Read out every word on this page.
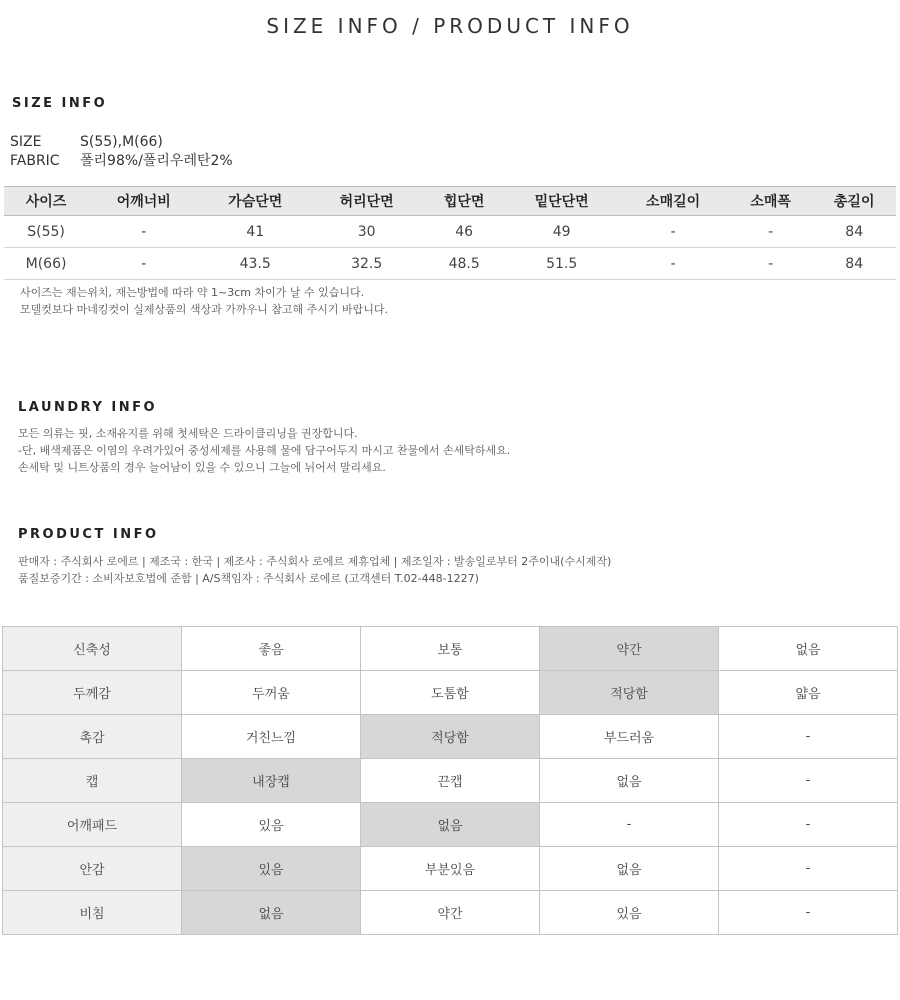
SIZE INFO / PRODUCT INFO
SIZE INFO
SIZE	S(55),M(66)
FABRIC 폴리98%/폴리우레탄2%
사이즈	어깨너비	가슴단면	허리단면	힙단면	밑단단면	소매길이	소매폭	총길이
S(55)	-	41	30	46	49	-	-	84
M(66)	-	43.5	32.5	48.5	51.5	-	-	84
사이즈는 재는위치, 재는방법에 따라 약 1~3cm 차이가 날 수 있습니다.
모델컷보다 마네킹컷이 실제상품의 색상과 가까우니 참고해 주시기 바랍니다.
LAUNDRY INFO
모든 의류는 핏, 소재유지를 위해 첫세탁은 드라이클리닝을 권장합니다.
-단, 배색제품은 이염의 우려가있어 중성세제를 사용해 물에 담구어두지 마시고 찬물에서 손세탁하세요.
손세탁 및 니트상품의 경우 늘어남이 있을 수 있으니 그늘에 뉘어서 말리세요.
PRODUCT INFO
판매자 : 주식회사 로에르 | 제조국 : 한국 | 제조사 : 주식회사 로에르 제휴업체 | 제조일자 : 발송일로부터 2주이내(수시제작)
품질보증기간 : 소비자보호법에 준함 | A/S책임자 : 주식회사 로에르 (고객센터 T.02-448-1227)
신축성	좋음	보통	약간	없음
두께감	두꺼움	도톰함	적당함	얇음
촉감	거친느낌	적당함	부드러움	-
캡	내장캡	끈캡	없음	-
어깨패드	있음	없음	-	-
안감	있음	부분있음	없음	-
비침	없음	약간	있음	-
